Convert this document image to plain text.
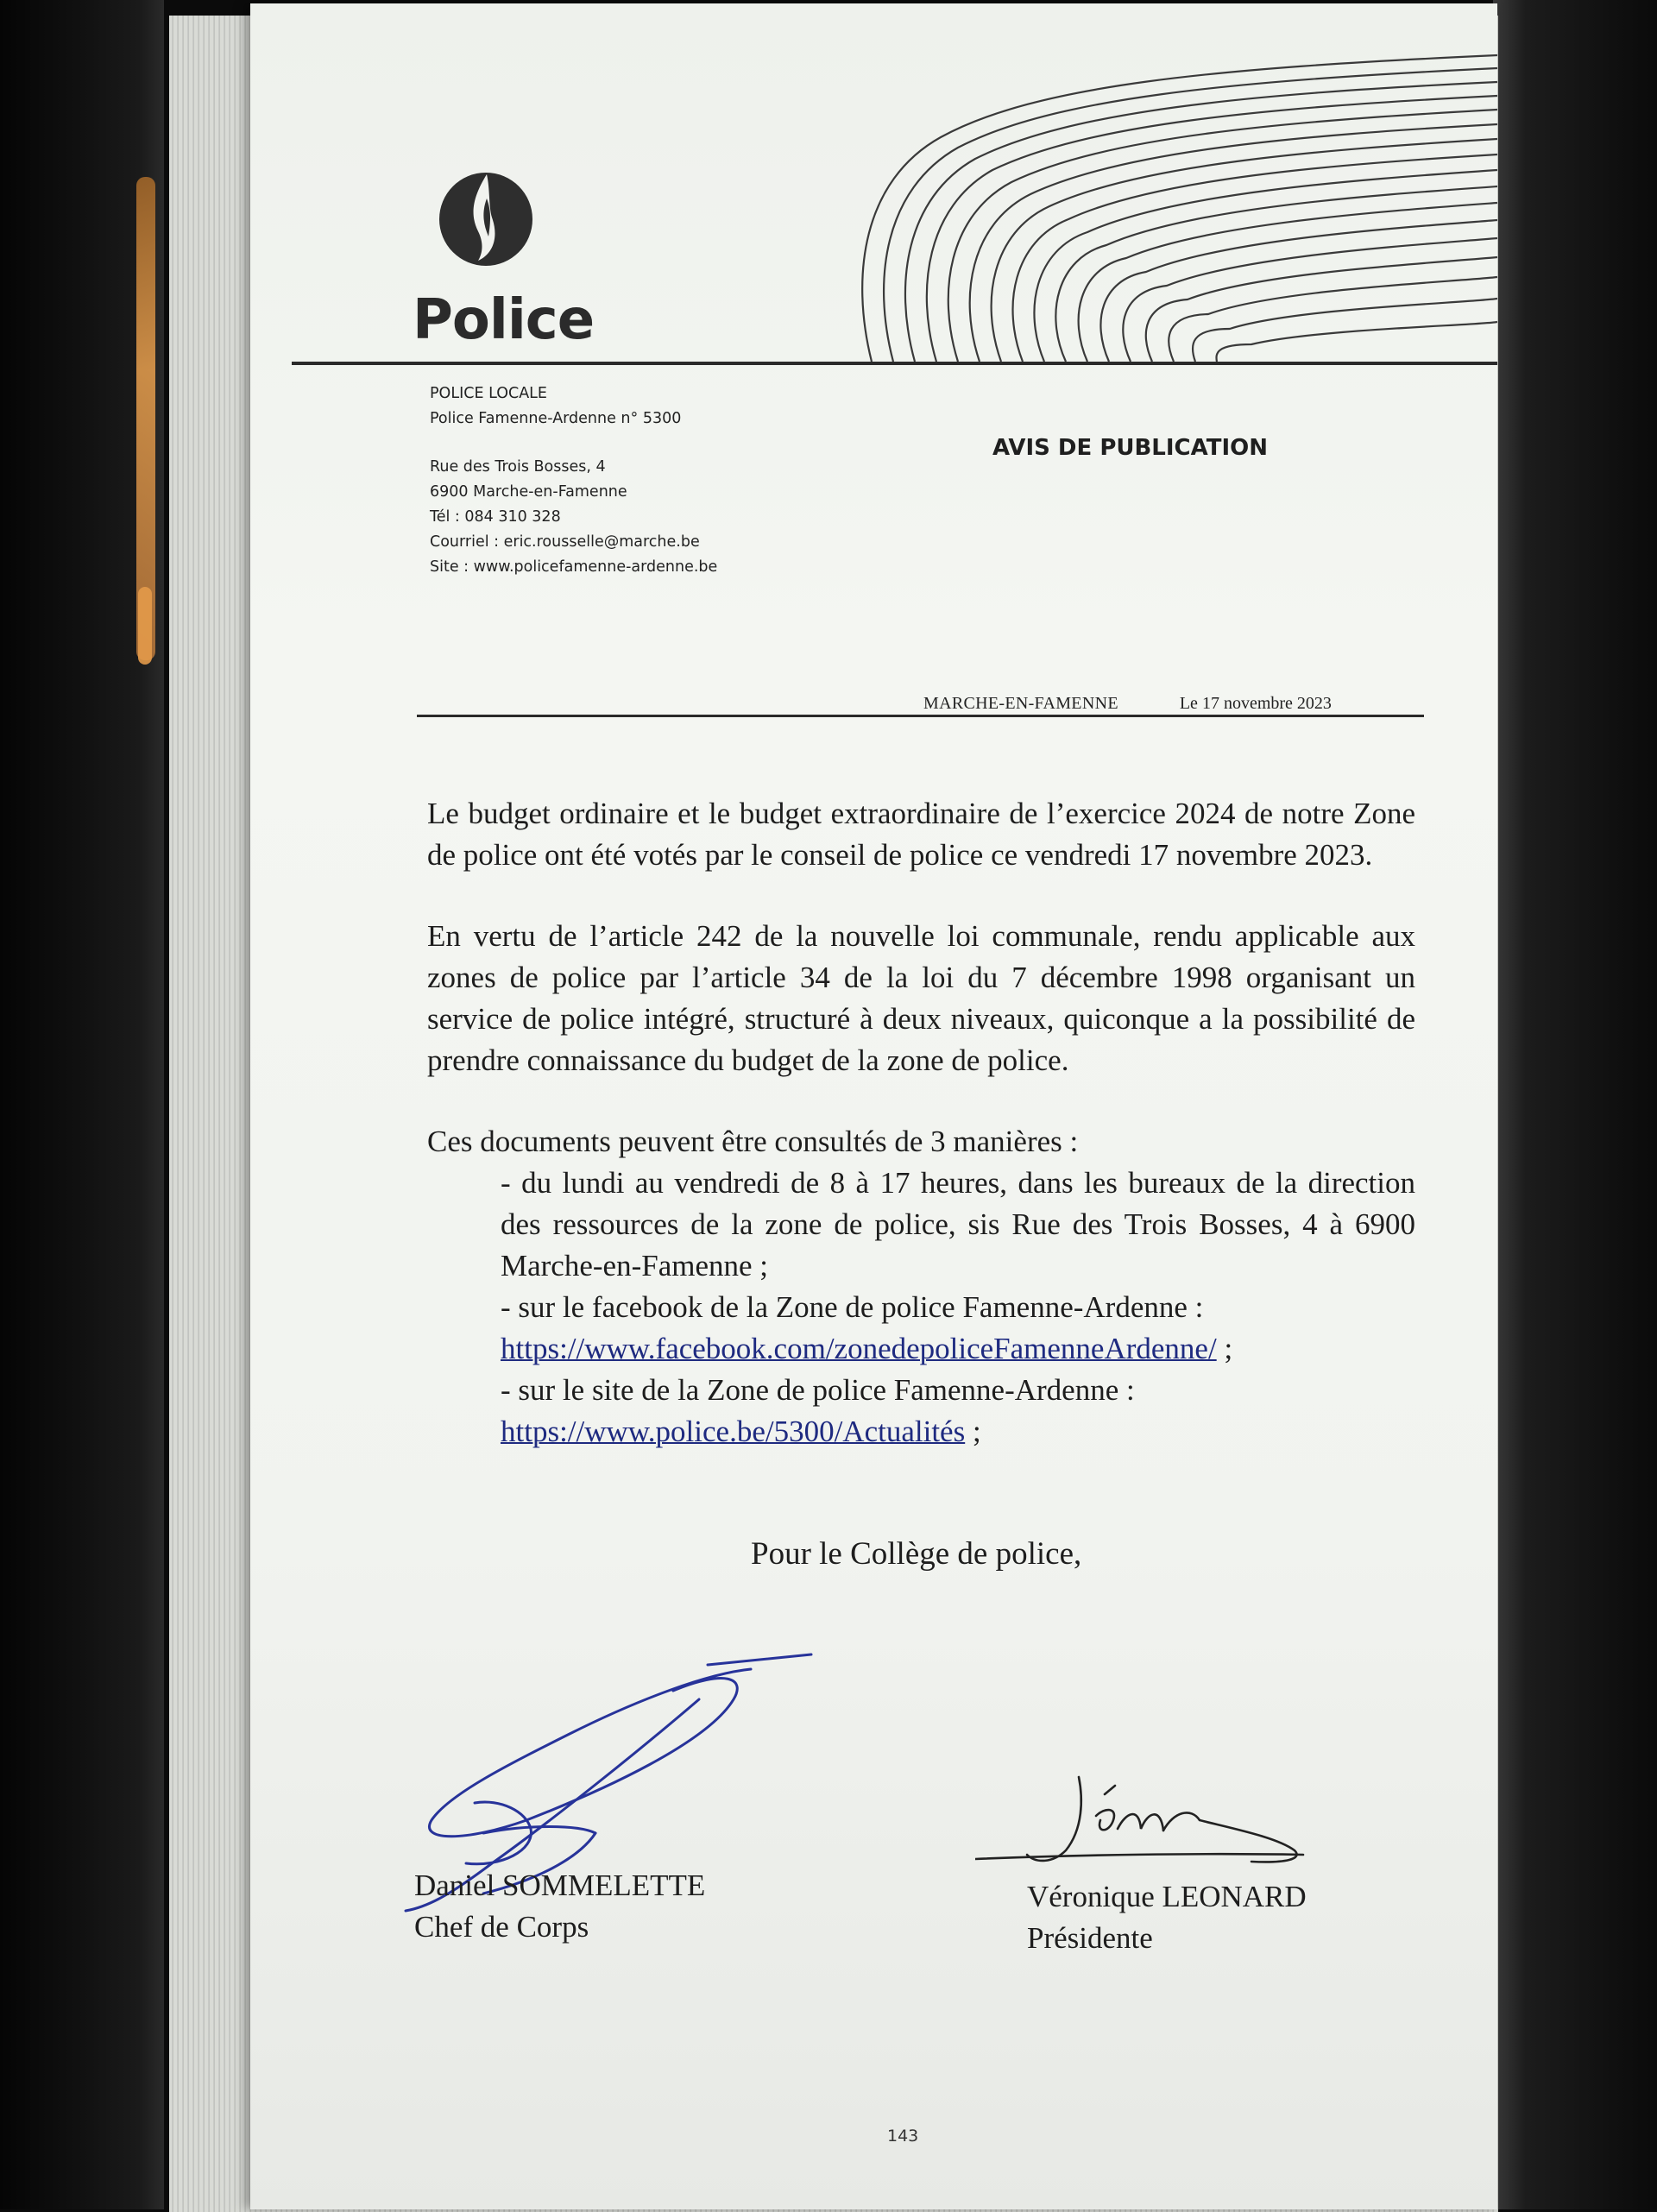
Police
POLICE LOCALE
Police Famenne-Ardenne n° 5300
Rue des Trois Bosses, 4
6900 Marche-en-Famenne
Tél : 084 310 328
Courriel : eric.rousselle@marche.be
Site : www.policefamenne-ardenne.be
AVIS DE PUBLICATION
MARCHE-EN-FAMENNE	Le 17 novembre 2023

Le budget ordinaire et le budget extraordinaire de l’exercice 2024 de notre Zone de police ont été votés par le conseil de police ce vendredi 17 novembre 2023.

En vertu de l’article 242 de la nouvelle loi communale, rendu applicable aux zones de police par l’article 34 de la loi du 7 décembre 1998 organisant un service de police intégré, structuré à deux niveaux, quiconque a la possibilité de prendre connaissance du budget de la zone de police.

Ces documents peuvent être consultés de 3 manières :
- du lundi au vendredi de 8 à 17 heures, dans les bureaux de la direction des ressources de la zone de police, sis Rue des Trois Bosses, 4 à 6900 Marche-en-Famenne ;
- sur le facebook de la Zone de police Famenne-Ardenne :
https://www.facebook.com/zonedepoliceFamenneArdenne/ ;
- sur le site de la Zone de police Famenne-Ardenne :
https://www.police.be/5300/Actualités ;

Pour le Collège de police,

Daniel SOMMELETTE
Chef de Corps
Véronique LEONARD
Présidente
143
